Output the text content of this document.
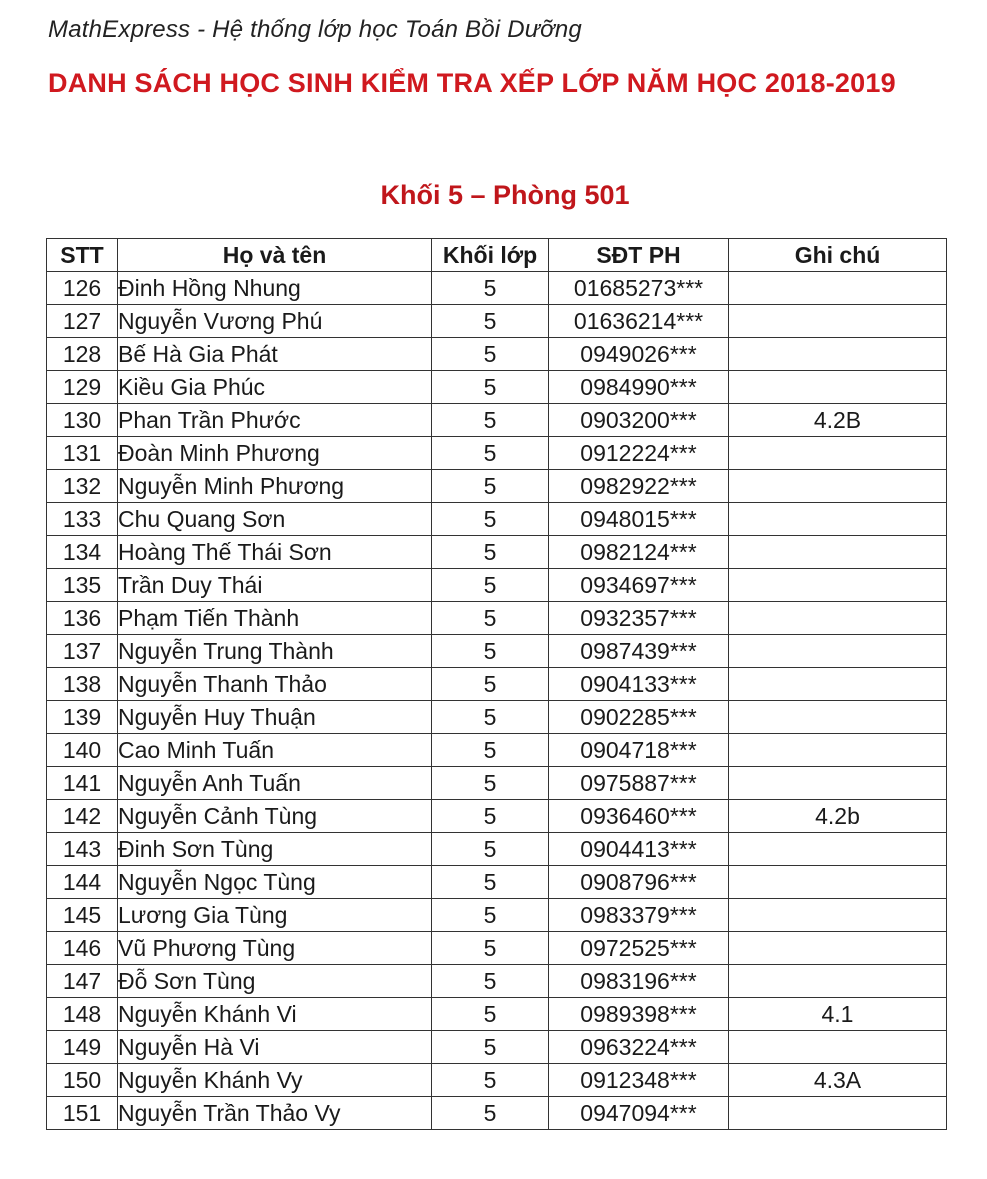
MathExpress - Hệ thống lớp học Toán Bồi Dưỡng
DANH SÁCH HỌC SINH KIỂM TRA XẾP LỚP NĂM HỌC 2018-2019
Khối 5 – Phòng 501
STT	Họ và tên	Khối lớp	SĐT PH	Ghi chú
126	Đinh Hồng Nhung	5	01685273***	
127	Nguyễn Vương Phú	5	01636214***	
128	Bế Hà Gia Phát	5	0949026***	
129	Kiều Gia Phúc	5	0984990***	
130	Phan Trần Phước	5	0903200***	4.2B
131	Đoàn Minh Phương	5	0912224***	
132	Nguyễn Minh Phương	5	0982922***	
133	Chu Quang Sơn	5	0948015***	
134	Hoàng Thế Thái Sơn	5	0982124***	
135	Trần Duy Thái	5	0934697***	
136	Phạm Tiến Thành	5	0932357***	
137	Nguyễn Trung Thành	5	0987439***	
138	Nguyễn Thanh Thảo	5	0904133***	
139	Nguyễn Huy Thuận	5	0902285***	
140	Cao Minh Tuấn	5	0904718***	
141	Nguyễn Anh Tuấn	5	0975887***	
142	Nguyễn Cảnh Tùng	5	0936460***	4.2b
143	Đinh Sơn Tùng	5	0904413***	
144	Nguyễn Ngọc Tùng	5	0908796***	
145	Lương Gia Tùng	5	0983379***	
146	Vũ Phương Tùng	5	0972525***	
147	Đỗ Sơn Tùng	5	0983196***	
148	Nguyễn Khánh Vi	5	0989398***	4.1
149	Nguyễn Hà Vi	5	0963224***	
150	Nguyễn Khánh Vy	5	0912348***	4.3A
151	Nguyễn Trần Thảo Vy	5	0947094***	
